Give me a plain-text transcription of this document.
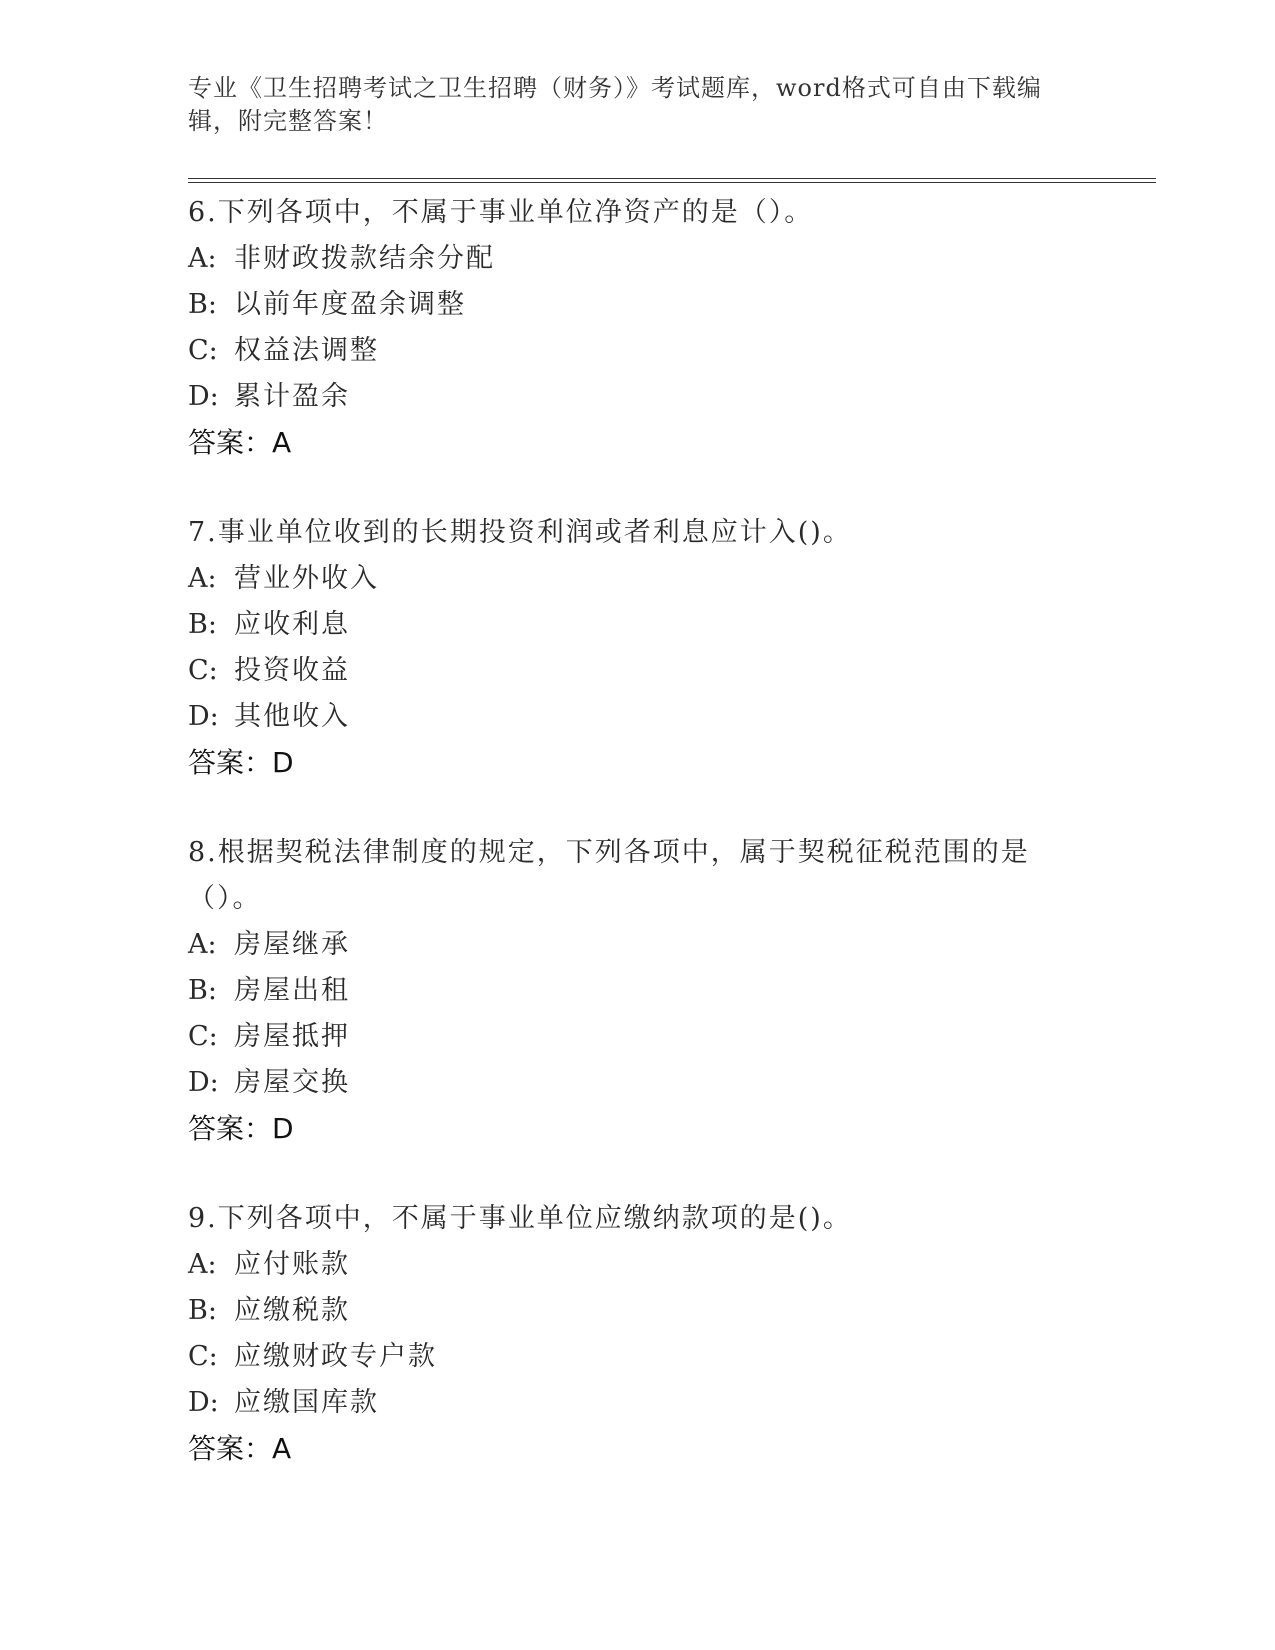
专业《卫生招聘考试之卫生招聘（财务）》考试题库，word格式可自由下载编辑，附完整答案！
6.下列各项中，不属于事业单位净资产的是（）。
A: 非财政拨款结余分配
B: 以前年度盈余调整
C: 权益法调整
D: 累计盈余
答案：A
7.事业单位收到的长期投资利润或者利息应计入()。
A: 营业外收入
B: 应收利息
C: 投资收益
D: 其他收入
答案：D
8.根据契税法律制度的规定，下列各项中，属于契税征税范围的是（）。
A: 房屋继承
B: 房屋出租
C: 房屋抵押
D: 房屋交换
答案：D
9.下列各项中，不属于事业单位应缴纳款项的是()。
A: 应付账款
B: 应缴税款
C: 应缴财政专户款
D: 应缴国库款
答案：A
